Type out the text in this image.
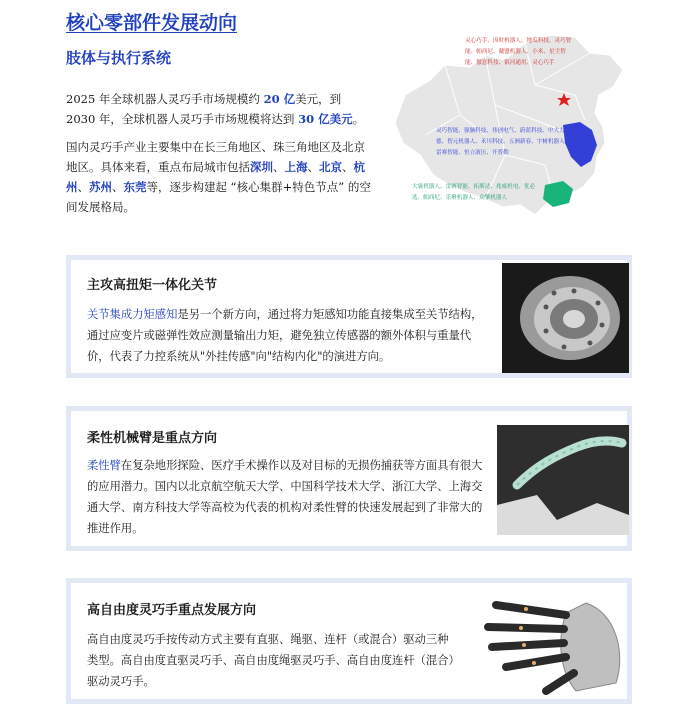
核心零部件发展动向
肢体与执行系统
2025 年全球机器人灵巧手市场规模约 20 亿美元，到 2030 年，全球机器人灵巧手市场规模将达到 30 亿美元。
国内灵巧手产业主要集中在长三角地区、珠三角地区及北京地区。具体来看，重点布局城市包括深圳、上海、北京、杭州、苏州、东莞等，逐步构建起 “核心集群+特色节点” 的空间发展格局。
灵心巧手、因时机器人、地瓜科技、灵巧智能、帕西尼、戴盟机器人、小米、星尘智能、傲意科技、银河通用、灵心巧手
灵巧智能、强脑科技、伟创电气、蔚蓝科技、中大力德、智元机器人、禾川科技、五洲新春、宇树机器人、雷赛智能、恒立液压、开普勒
大寰机器人、雷赛智能、拓斯达、兆威机电、优必选、帕西尼、乐聚机器人、众擎机器人
主攻高扭矩一体化关节
关节集成力矩感知是另一个新方向，通过将力矩感知功能直接集成至关节结构，通过应变片或磁弹性效应测量输出力矩，避免独立传感器的额外体积与重量代价，代表了力控系统从"外挂传感"向"结构内化"的演进方向。
柔性机械臂是重点方向
柔性臂在复杂地形探险、医疗手术操作以及对目标的无损伤捕获等方面具有很大的应用潜力。国内以北京航空航天大学、中国科学技术大学、浙江大学、上海交通大学、南方科技大学等高校为代表的机构对柔性臂的快速发展起到了非常大的推进作用。
高自由度灵巧手重点发展方向
高自由度灵巧手按传动方式主要有直驱、绳驱、连杆（或混合）驱动三种类型。高自由度直驱灵巧手、高自由度绳驱灵巧手、高自由度连杆（混合）驱动灵巧手。
